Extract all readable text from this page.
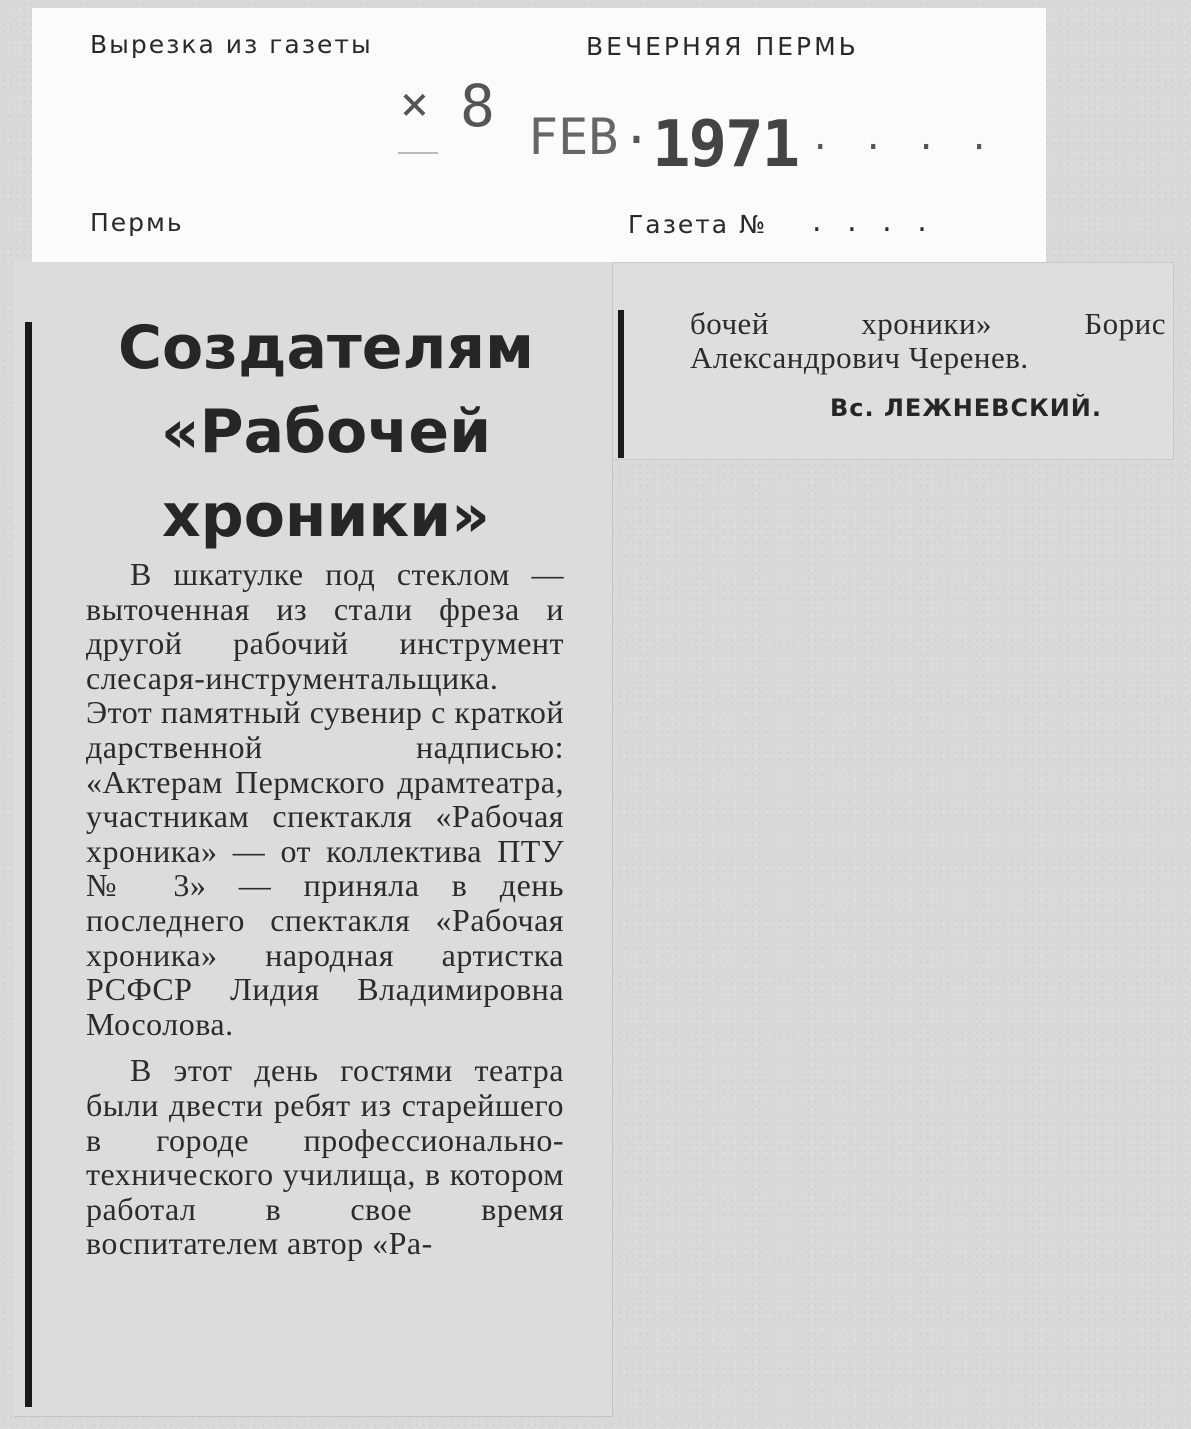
Вырезка из газеты	ВЕЧЕРНЯЯ ПЕРМЬ
× 8 FEB · 1971 . . . .
Пермь	Газета № . . . .
Создателям
«Рабочей
хроники»

В шкатулке под стеклом — выточенная из стали фреза и другой рабочий инструмент слесаря-инструментальщика. Этот памятный сувенир с краткой дарственной надписью: «Актерам Пермского драмтеатра, участникам спектакля «Рабочая хроника» — от коллектива ПТУ № 3» — приняла в день последнего спектакля «Рабочая хроника» народная артистка РСФСР Лидия Владимировна Мосолова.

В этот день гостями театра были двести ребят из старейшего в городе профессионально-технического училища, в котором работал в свое время воспитателем автор «Ра-

бочей хроники» Борис
Александрович Черенев.
Вс. ЛЕЖНЕВСКИЙ.
